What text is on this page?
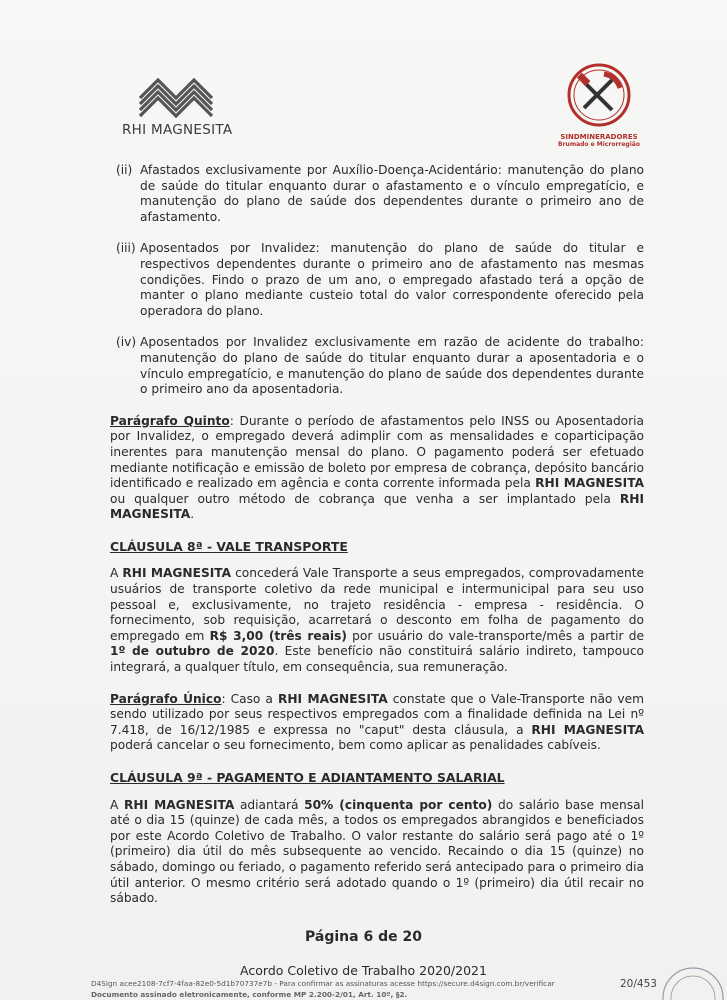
RHI MAGNESITA	SINDMINERADORES
Brumado e Microrregião
(ii) Afastados exclusivamente por Auxílio-Doença-Acidentário: manutenção do plano de saúde do titular enquanto durar o afastamento e o vínculo empregatício, e manutenção do plano de saúde dos dependentes durante o primeiro ano de afastamento.
(iii) Aposentados por Invalidez: manutenção do plano de saúde do titular e respectivos dependentes durante o primeiro ano de afastamento nas mesmas condições. Findo o prazo de um ano, o empregado afastado terá a opção de manter o plano mediante custeio total do valor correspondente oferecido pela operadora do plano.
(iv) Aposentados por Invalidez exclusivamente em razão de acidente do trabalho: manutenção do plano de saúde do titular enquanto durar a aposentadoria e o vínculo empregatício, e manutenção do plano de saúde dos dependentes durante o primeiro ano da aposentadoria.
Parágrafo Quinto: Durante o período de afastamentos pelo INSS ou Aposentadoria por Invalidez, o empregado deverá adimplir com as mensalidades e coparticipação inerentes para manutenção mensal do plano. O pagamento poderá ser efetuado mediante notificação e emissão de boleto por empresa de cobrança, depósito bancário identificado e realizado em agência e conta corrente informada pela RHI MAGNESITA ou qualquer outro método de cobrança que venha a ser implantado pela RHI MAGNESITA.
CLÁUSULA 8ª - VALE TRANSPORTE
A RHI MAGNESITA concederá Vale Transporte a seus empregados, comprovadamente usuários de transporte coletivo da rede municipal e intermunicipal para seu uso pessoal e, exclusivamente, no trajeto residência - empresa - residência. O fornecimento, sob requisição, acarretará o desconto em folha de pagamento do empregado em R$ 3,00 (três reais) por usuário do vale-transporte/mês a partir de 1º de outubro de 2020. Este benefício não constituirá salário indireto, tampouco integrará, a qualquer título, em consequência, sua remuneração.
Parágrafo Único: Caso a RHI MAGNESITA constate que o Vale-Transporte não vem sendo utilizado por seus respectivos empregados com a finalidade definida na Lei nº 7.418, de 16/12/1985 e expressa no "caput" desta cláusula, a RHI MAGNESITA poderá cancelar o seu fornecimento, bem como aplicar as penalidades cabíveis.
CLÁUSULA 9ª - PAGAMENTO E ADIANTAMENTO SALARIAL
A RHI MAGNESITA adiantará 50% (cinquenta por cento) do salário base mensal até o dia 15 (quinze) de cada mês, a todos os empregados abrangidos e beneficiados por este Acordo Coletivo de Trabalho. O valor restante do salário será pago até o 1º (primeiro) dia útil do mês subsequente ao vencido. Recaindo o dia 15 (quinze) no sábado, domingo ou feriado, o pagamento referido será antecipado para o primeiro dia útil anterior. O mesmo critério será adotado quando o 1º (primeiro) dia útil recair no sábado.
Página 6 de 20
Acordo Coletivo de Trabalho 2020/2021
D4Sign acee2108-7cf7-4faa-82e0-5d1b70737e7b - Para confirmar as assinaturas acesse https://secure.d4sign.com.br/verificar
Documento assinado eletronicamente, conforme MP 2.200-2/01, Art. 10º, §2.
20/453
